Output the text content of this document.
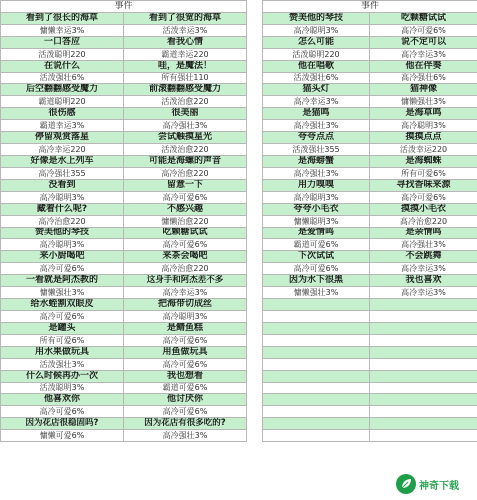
事件	
看到了很长的海草	看到了很宽的海草
慵懒幸运3%	活泼幸运3%
一口答应	看我心情
活泼聪明220	霸道幸运220
在说什么	哇，是魔法！
活泼强壮6%	所有强壮110
后空翻翻感受魔力	前滚翻翻感受魔力
霸道聪明220	活泼治愈220
很伤感	很美丽
霸道幸运3%	高冷强壮3%
停留观赏落星	尝试触摸星光
高冷幸运220	活泼治愈220
好像是水上列车	可能是海螺的声音
高冷强壮355	高冷治愈220
没看到	留意一下
高冷聪明3%	高冷可爱6%
藏着什么呢?	不感兴趣
高冷治愈220	慵懒治愈220
赞美他的琴技	吃颗糖试试
高冷聪明3%	高冷可爱6%
来小厨喝吧	来茶会喝吧
高冷可爱6%	高冷治愈220
一看就是阿杰教的	这身手和阿杰差不多
慵懒强壮3%	高冷幸运3%
给水蛭割双眼皮	把海带切成丝
高冷可爱6%	高冷聪明3%
是罐头	是鲭鱼糕
所有可爱6%	高冷可爱6%
用水果做玩具	用鱼做玩具
活泼强壮3%	高冷可爱6%
什么时候再办一次	我也想看
活泼聪明3%	霸道可爱6%
他喜欢你	他讨厌你
高冷可爱6%	高冷可爱6%
因为花店很稳固吗?	因为花店有很多吃的?
慵懒可爱6%	高冷强壮3%
事件	
赞美他的琴技	吃颗糖试试
高冷聪明3%	高冷可爱6%
怎么可能	说不定可以
活泼聪明220	高冷幸运3%
他在唱歌	他在伴奏
活泼强壮6%	高冷强壮6%
猫头灯	猫神像
高冷幸运3%	慵懒强壮3%
是猫鸣	是海草鸣
高冷强壮3%	高冷聪明3%
夸夸点点	摸摸点点
活泼强壮355	活泼幸运220
是海螃蟹	是海蜘蛛
高冷强壮3%	所有可爱6%
用力嗅嗅	寻找香味来源
高冷聪明3%	高冷可爱6%
夸夸小毛衣	摸摸小毛衣
慵懒聪明3%	高冷治愈220
是爱情鸣	是亲情鸣
霸道可爱6%	高冷强壮3%
下次试试	不会跳舞
高冷可爱6%	高冷幸运3%
因为水下很黑	我也喜欢
慵懒强壮3%	高冷幸运3%

神奇下载
